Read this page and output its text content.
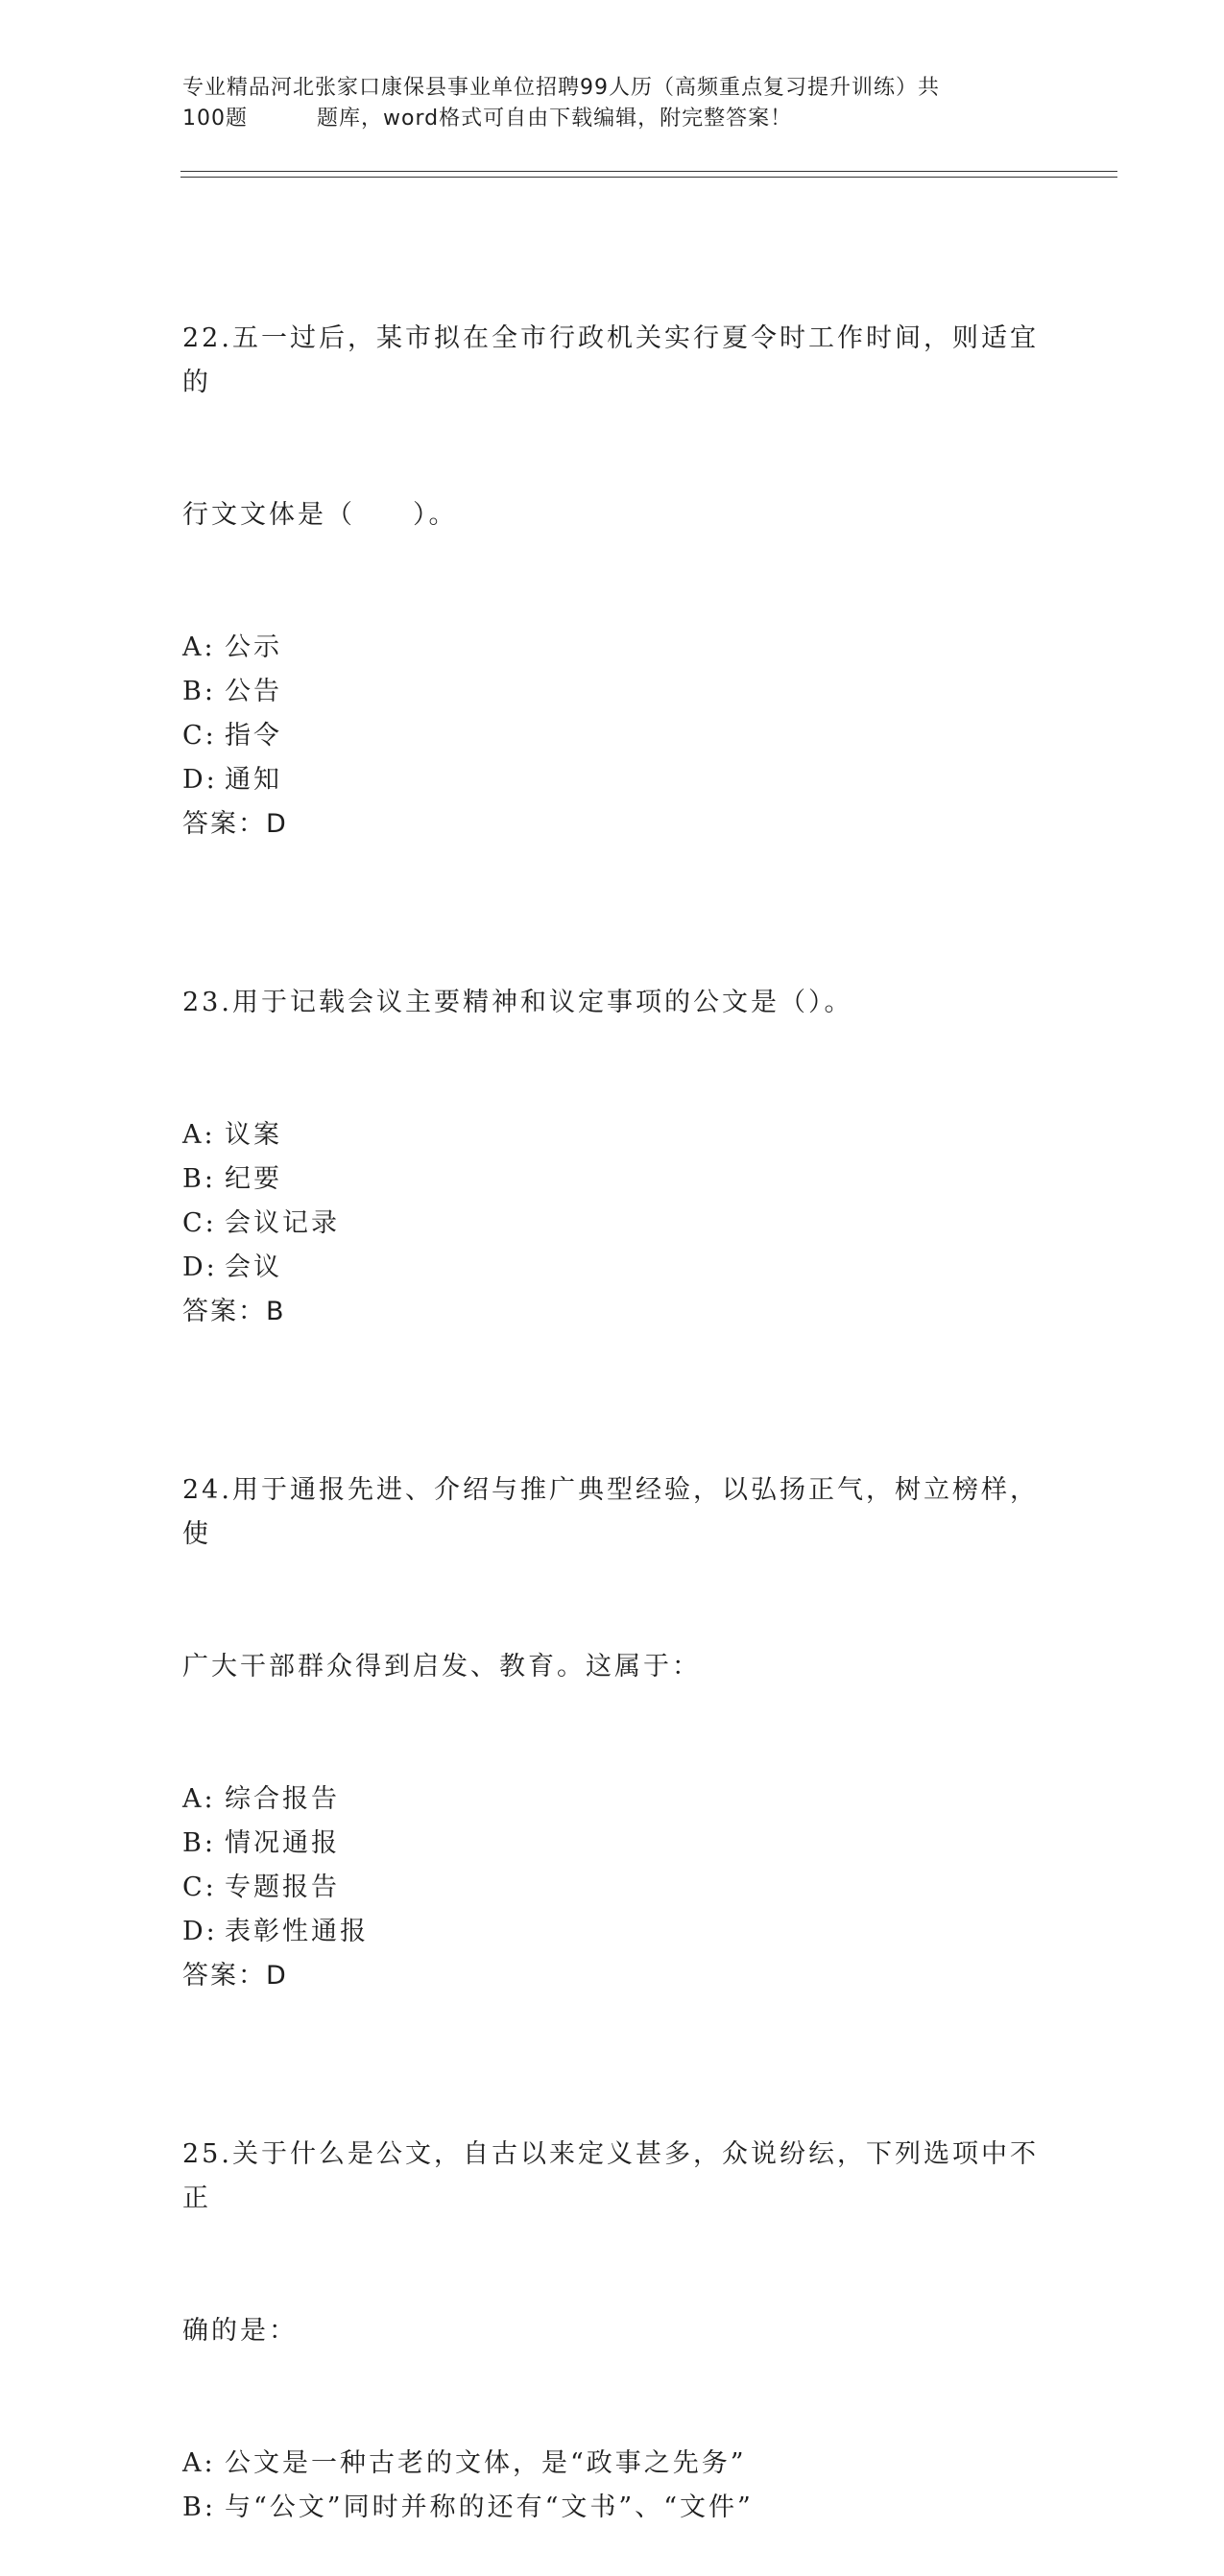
专业精品河北张家口康保县事业单位招聘99人历（高频重点复习提升训练）共
100题	题库，word格式可自由下载编辑，附完整答案！

22.五一过后，某市拟在全市行政机关实行夏令时工作时间，则适宜的

行文文体是（　　）。

A: 公示
B: 公告
C: 指令
D: 通知
答案：D

23.用于记载会议主要精神和议定事项的公文是（）。

A: 议案
B: 纪要
C: 会议记录
D: 会议
答案：B

24.用于通报先进、介绍与推广典型经验，以弘扬正气，树立榜样，使

广大干部群众得到启发、教育。这属于：

A: 综合报告
B: 情况通报
C: 专题报告
D: 表彰性通报
答案：D

25.关于什么是公文，自古以来定义甚多，众说纷纭，下列选项中不正

确的是：

A: 公文是一种古老的文体，是“政事之先务”
B: 与“公文”同时并称的还有“文书”、“文件”
